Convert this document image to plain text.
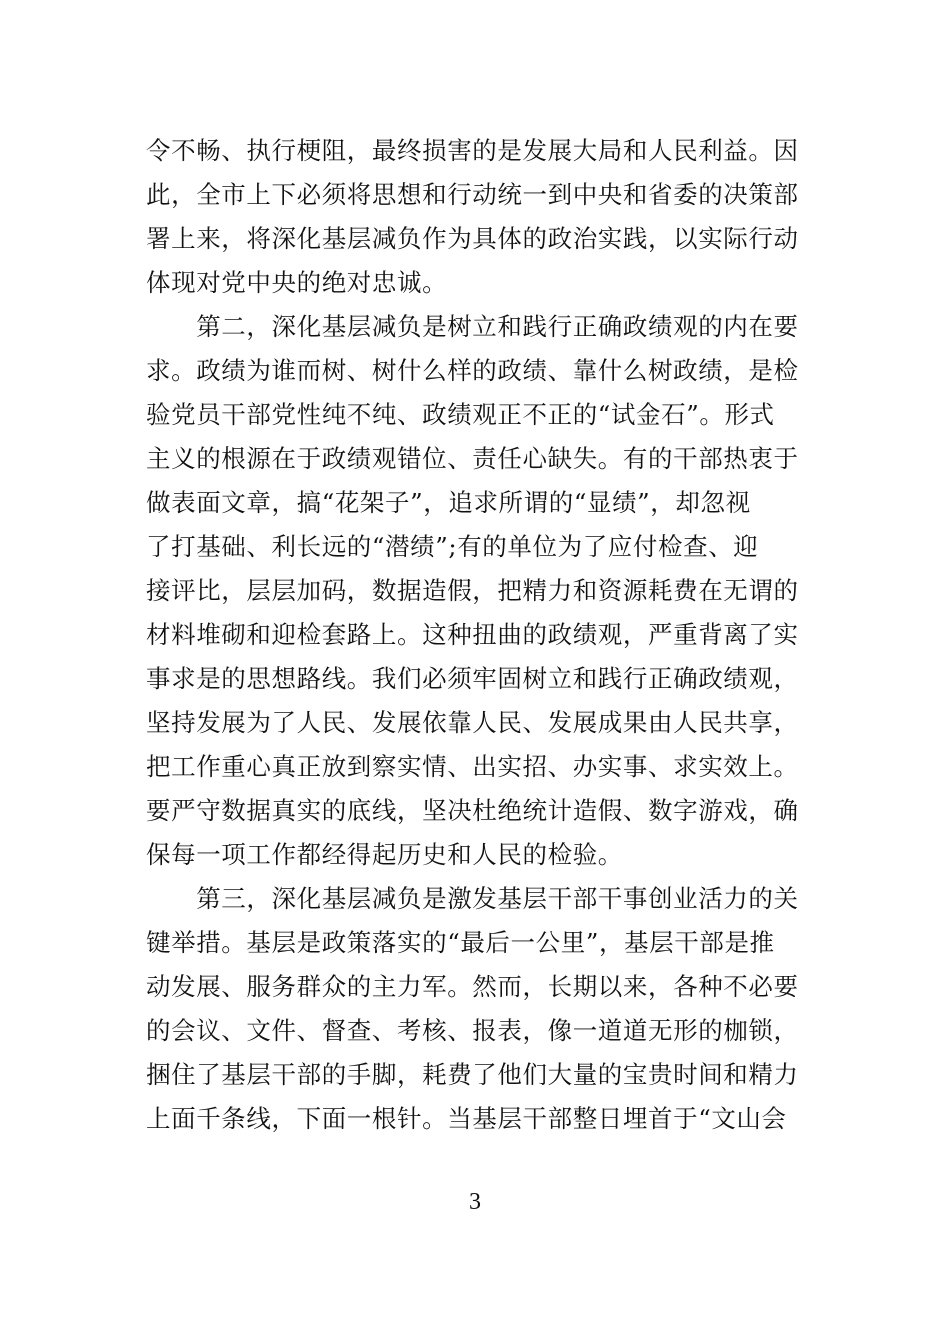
令不畅、执行梗阻，最终损害的是发展大局和人民利益。因
此，全市上下必须将思想和行动统一到中央和省委的决策部
署上来，将深化基层减负作为具体的政治实践，以实际行动
体现对党中央的绝对忠诚。
　　第二，深化基层减负是树立和践行正确政绩观的内在要
求。政绩为谁而树、树什么样的政绩、靠什么树政绩，是检
验党员干部党性纯不纯、政绩观正不正的“试金石”。形式
主义的根源在于政绩观错位、责任心缺失。有的干部热衷于
做表面文章，搞“花架子”，追求所谓的“显绩”，却忽视
了打基础、利长远的“潜绩”;有的单位为了应付检查、迎
接评比，层层加码，数据造假，把精力和资源耗费在无谓的
材料堆砌和迎检套路上。这种扭曲的政绩观，严重背离了实
事求是的思想路线。我们必须牢固树立和践行正确政绩观，
坚持发展为了人民、发展依靠人民、发展成果由人民共享，
把工作重心真正放到察实情、出实招、办实事、求实效上。
要严守数据真实的底线，坚决杜绝统计造假、数字游戏，确
保每一项工作都经得起历史和人民的检验。
　　第三，深化基层减负是激发基层干部干事创业活力的关
键举措。基层是政策落实的“最后一公里”，基层干部是推
动发展、服务群众的主力军。然而，长期以来，各种不必要
的会议、文件、督查、考核、报表，像一道道无形的枷锁，
捆住了基层干部的手脚，耗费了他们大量的宝贵时间和精力
上面千条线，下面一根针。当基层干部整日埋首于“文山会
3
